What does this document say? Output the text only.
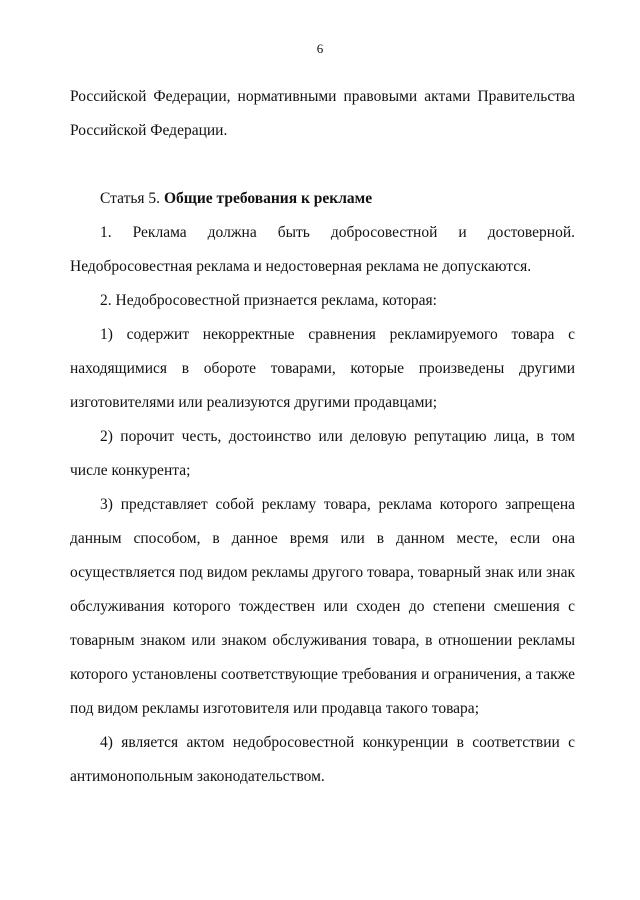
6

Российской Федерации, нормативными правовыми актами Правительства Российской Федерации.

Статья 5. Общие требования к рекламе

1. Реклама должна быть добросовестной и достоверной. Недобросовестная реклама и недостоверная реклама не допускаются.

2. Недобросовестной признается реклама, которая:

1) содержит некорректные сравнения рекламируемого товара с находящимися в обороте товарами, которые произведены другими изготовителями или реализуются другими продавцами;

2) порочит честь, достоинство или деловую репутацию лица, в том числе конкурента;

3) представляет собой рекламу товара, реклама которого запрещена данным способом, в данное время или в данном месте, если она осуществляется под видом рекламы другого товара, товарный знак или знак обслуживания которого тождествен или сходен до степени смешения с товарным знаком или знаком обслуживания товара, в отношении рекламы которого установлены соответствующие требования и ограничения, а также под видом рекламы изготовителя или продавца такого товара;

4) является актом недобросовестной конкуренции в соответствии с антимонопольным законодательством.
